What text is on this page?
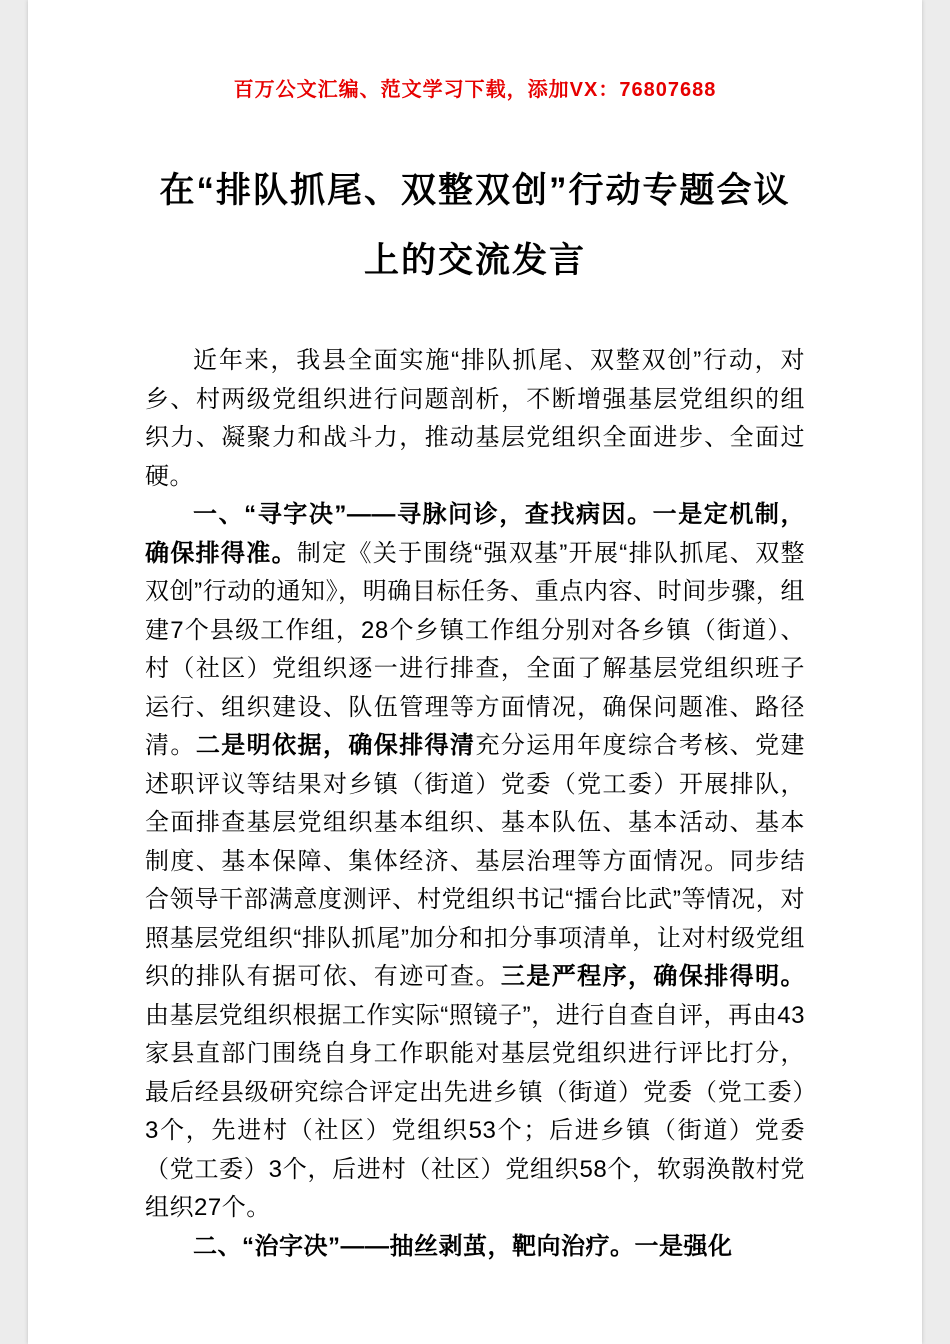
百万公文汇编、范文学习下载，添加VX：76807688
在“排队抓尾、双整双创”行动专题会议
上的交流发言

近年来，我县全面实施“排队抓尾、双整双创”行动，对乡、村两级党组织进行问题剖析，不断增强基层党组织的组织力、凝聚力和战斗力，推动基层党组织全面进步、全面过硬。

一、“寻字决”——寻脉问诊，查找病因。一是定机制，确保排得准。制定《关于围绕“强双基”开展“排队抓尾、双整双创”行动的通知》，明确目标任务、重点内容、时间步骤，组建7个县级工作组，28个乡镇工作组分别对各乡镇（街道）、村（社区）党组织逐一进行排查，全面了解基层党组织班子运行、组织建设、队伍管理等方面情况，确保问题准、路径清。二是明依据，确保排得清充分运用年度综合考核、党建述职评议等结果对乡镇（街道）党委（党工委）开展排队，全面排查基层党组织基本组织、基本队伍、基本活动、基本制度、基本保障、集体经济、基层治理等方面情况。同步结合领导干部满意度测评、村党组织书记“擂台比武”等情况，对照基层党组织“排队抓尾”加分和扣分事项清单，让对村级党组织的排队有据可依、有迹可查。三是严程序，确保排得明。由基层党组织根据工作实际“照镜子”，进行自查自评，再由43家县直部门围绕自身工作职能对基层党组织进行评比打分，最后经县级研究综合评定出先进乡镇（街道）党委（党工委）3个，先进村（社区）党组织53个；后进乡镇（街道）党委（党工委）3个，后进村（社区）党组织58个，软弱涣散村党组织27个。

二、“治字决”——抽丝剥茧，靶向治疗。一是强化
